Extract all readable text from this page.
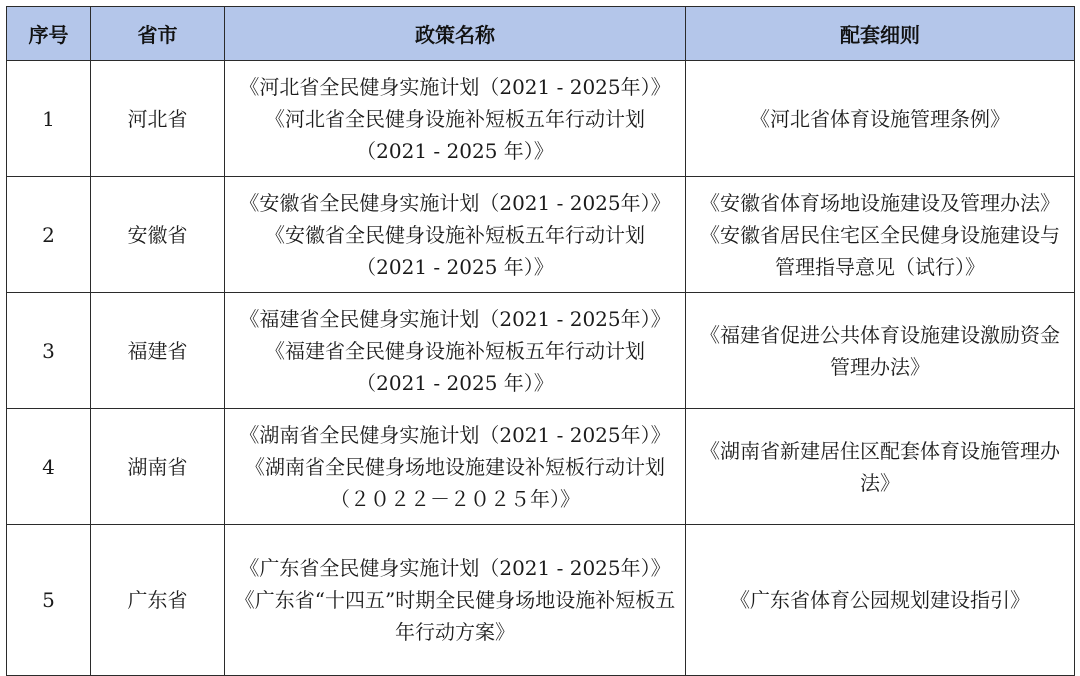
序号	省市	政策名称	配套细则
1	河北省	《河北省全民健身实施计划（2021 - 2025年）》《河北省全民健身设施补短板五年行动计划（2021 - 2025 年）》	《河北省体育设施管理条例》
2	安徽省	《安徽省全民健身实施计划（2021 - 2025年）》《安徽省全民健身设施补短板五年行动计划（2021 - 2025 年）》	《安徽省体育场地设施建设及管理办法》《安徽省居民住宅区全民健身设施建设与管理指导意见（试行）》
3	福建省	《福建省全民健身实施计划（2021 - 2025年）》《福建省全民健身设施补短板五年行动计划（2021 - 2025 年）》	《福建省促进公共体育设施建设激励资金管理办法》
4	湖南省	《湖南省全民健身实施计划（2021 - 2025年）》《湖南省全民健身场地设施建设补短板行动计划（２０２２－２０２５年）》	《湖南省新建居住区配套体育设施管理办法》
5	广东省	《广东省全民健身实施计划（2021 - 2025年）》《广东省“十四五”时期全民健身场地设施补短板五年行动方案》	《广东省体育公园规划建设指引》
